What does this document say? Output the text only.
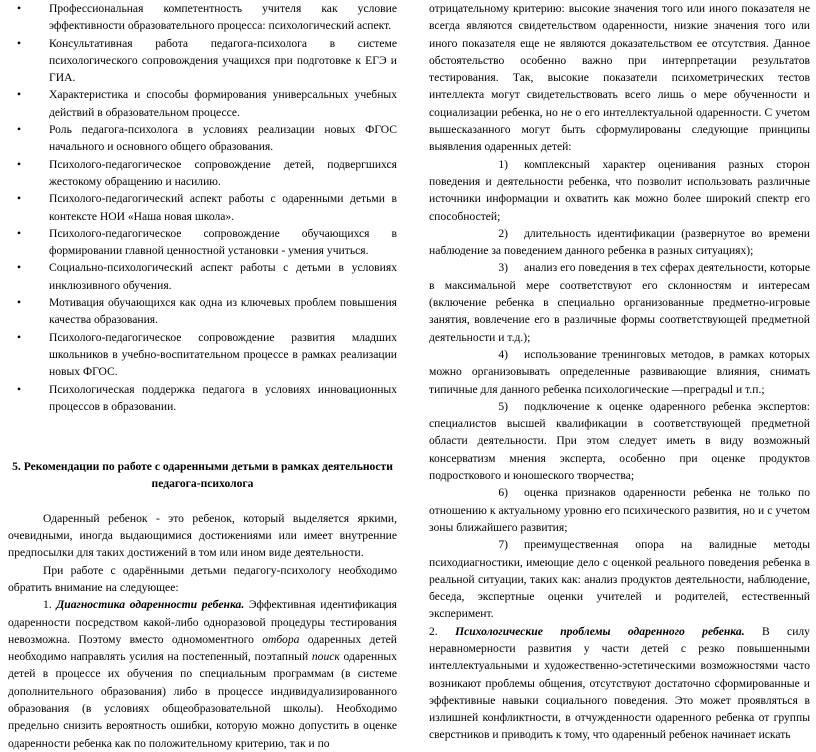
• Профессиональная компетентность учителя как условие эффективности образовательного процесса: психологический аспект.
• Консультативная работа педагога-психолога в системе психологического сопровождения учащихся при подготовке к ЕГЭ и ГИА.
• Характеристика и способы формирования универсальных учебных действий в образовательном процессе.
• Роль педагога-психолога в условиях реализации новых ФГОС начального и основного общего образования.
• Психолого-педагогическое сопровождение детей, подвергшихся жестокому обращению и насилию.
• Психолого-педагогический аспект работы с одаренными детьми в контексте НОИ «Наша новая школа».
• Психолого-педагогическое сопровождение обучающихся в формировании главной ценностной установки - умения учиться.
• Социально-психологический аспект работы с детьми в условиях инклюзивного обучения.
• Мотивация обучающихся как одна из ключевых проблем повышения качества образования.
• Психолого-педагогическое сопровождение развития младших школьников в учебно-воспитательном процессе в рамках реализации новых ФГОС.
• Психологическая поддержка педагога в условиях инновационных процессов в образовании.
5. Рекомендации по работе с одаренными детьми в рамках деятельности педагога-психолога

Одаренный ребенок - это ребенок, который выделяется яркими, очевидными, иногда выдающимися достижениями или имеет внутренние предпосылки для таких достижений в том или ином виде деятельности.

При работе с одарёнными детьми педагогу-психологу необходимо обратить внимание на следующее:

1. Диагностика одаренности ребенка. Эффективная идентификация одаренности посредством какой-либо одноразовой процедуры тестирования невозможна. Поэтому вместо одномоментного отбора одаренных детей необходимо направлять усилия на постепенный, поэтапный поиск одаренных детей в процессе их обучения по специальным программам (в системе дополнительного образования) либо в процессе индивидуализированного образования (в условиях общеобразовательной школы). Необходимо предельно снизить вероятность ошибки, которую можно допустить в оценке одаренности ребенка как по положительному критерию, так и по

отрицательному критерию: высокие значения того или иного показателя не всегда являются свидетельством одаренности, низкие значения того или иного показателя еще не являются доказательством ее отсутствия. Данное обстоятельство особенно важно при интерпретации результатов тестирования. Так, высокие показатели психометрических тестов интеллекта могут свидетельствовать всего лишь о мере обученности и социализации ребенка, но не о его интеллектуальной одаренности. С учетом вышесказанного могут быть сформулированы следующие принципы выявления одаренных детей:

1) комплексный характер оценивания разных сторон поведения и деятельности ребенка, что позволит использовать различные источники информации и охватить как можно более широкий спектр его способностей;

2) длительность идентификации (развернутое во времени наблюдение за поведением данного ребенка в разных ситуациях);

3) анализ его поведения в тех сферах деятельности, которые в максимальной мере соответствуют его склонностям и интересам (включение ребенка в специально организованные предметно-игровые занятия, вовлечение его в различные формы соответствующей предметной деятельности и т.д.);

4) использование тренинговых методов, в рамках которых можно организовывать определенные развивающие влияния, снимать типичные для данного ребенка психологические —преградыl и т.п.;

5) подключение к оценке одаренного ребенка экспертов: специалистов высшей квалификации в соответствующей предметной области деятельности. При этом следует иметь в виду возможный консерватизм мнения эксперта, особенно при оценке продуктов подросткового и юношеского творчества;

6) оценка признаков одаренности ребенка не только по отношению к актуальному уровню его психического развития, но и с учетом зоны ближайшего развития;

7) преимущественная опора на валидные методы психодиагностики, имеющие дело с оценкой реального поведения ребенка в реальной ситуации, таких как: анализ продуктов деятельности, наблюдение, беседа, экспертные оценки учителей и родителей, естественный эксперимент.

2. Психологические проблемы одаренного ребенка. В силу неравномерности развития у части детей с резко повышенными интеллектуальными и художественно-эстетическими возможностями часто возникают проблемы общения, отсутствуют достаточно сформированные и эффективные навыки социального поведения. Это может проявляться в излишней конфликтности, в отчужденности одаренного ребенка от группы сверстников и приводить к тому, что одаренный ребенок начинает искать
